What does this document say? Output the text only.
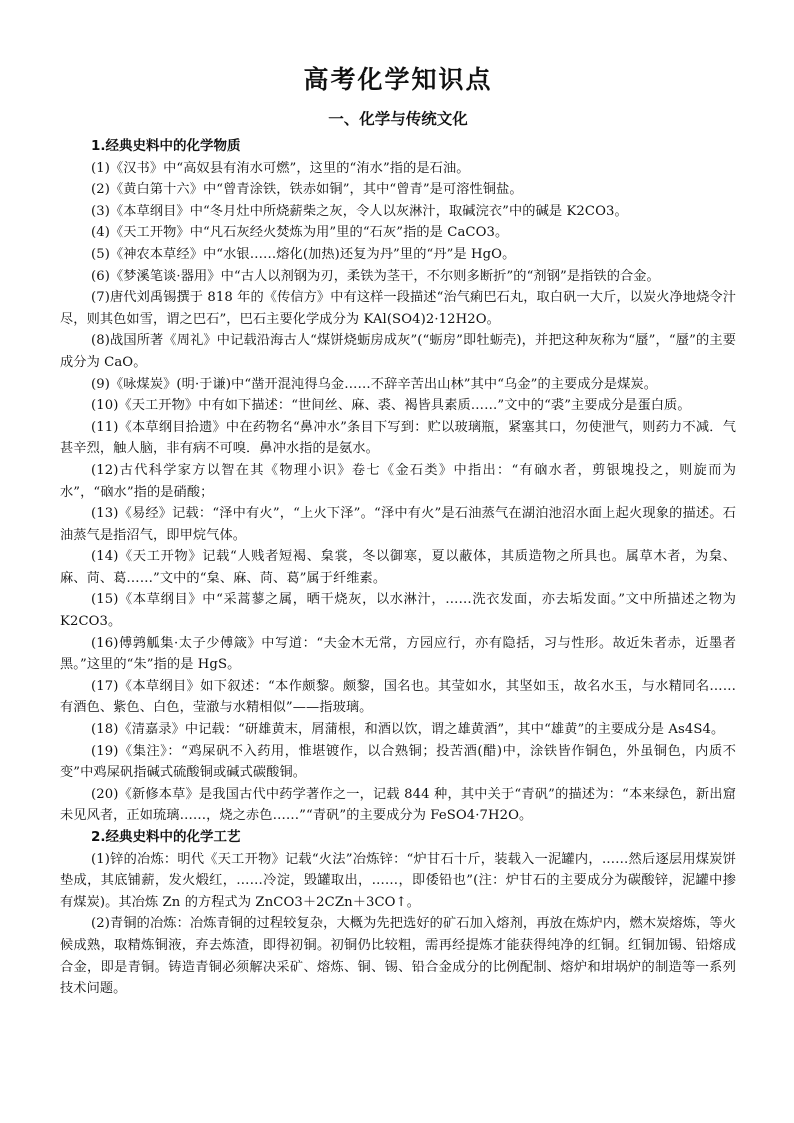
高考化学知识点
一、化学与传统文化

1.经典史料中的化学物质

(1)《汉书》中“高奴县有洧水可燃”，这里的“洧水”指的是石油。

(2)《黄白第十六》中“曾青涂铁，铁赤如铜”，其中“曾青”是可溶性铜盐。

(3)《本草纲目》中“冬月灶中所烧薪柴之灰，令人以灰淋汁，取碱浣衣”中的碱是 K2CO3。

(4)《天工开物》中“凡石灰经火焚炼为用”里的“石灰”指的是 CaCO3。

(5)《神农本草经》中“水银……熔化(加热)还复为丹”里的“丹”是 HgO。

(6)《梦溪笔谈·器用》中“古人以剂钢为刃，柔铁为茎干，不尔则多断折”的“剂钢”是指铁的合金。

(7)唐代刘禹锡撰于 818 年的《传信方》中有这样一段描述“治气痢巴石丸，取白矾一大斤，以炭火净地烧令汁尽，则其色如雪，谓之巴石”，巴石主要化学成分为 KAl(SO4)2·12H2O。

(8)战国所著《周礼》中记载沿海古人“煤饼烧蛎房成灰”(“蛎房”即牡蛎壳)，并把这种灰称为“蜃”，“蜃”的主要成分为 CaO。

(9)《咏煤炭》(明·于谦)中“凿开混沌得乌金……不辞辛苦出山林”其中“乌金”的主要成分是煤炭。

(10)《天工开物》中有如下描述：“世间丝、麻、裘、褐皆具素质……”文中的“裘”主要成分是蛋白质。

(11)《本草纲目拾遗》中在药物名“鼻冲水”条目下写到：贮以玻璃瓶，紧塞其口，勿使泄气，则药力不减．气甚辛烈，触人脑，非有病不可嗅．鼻冲水指的是氨水。

(12)古代科学家方以智在其《物理小识》卷七《金石类》中指出：“有硇水者，剪银塊投之，则旋而为水”，“硇水”指的是硝酸；

(13)《易经》记载：“泽中有火”，“上火下泽”。“泽中有火”是石油蒸气在湖泊池沼水面上起火现象的描述。石油蒸气是指沼气，即甲烷气体。

(14)《天工开物》记载“人贱者短褐、枲裳，冬以御寒，夏以蔽体，其质造物之所具也。属草木者，为枲、麻、苘、葛……”文中的“枲、麻、苘、葛”属于纤维素。

(15)《本草纲目》中“采蒿蓼之属，晒干烧灰，以水淋汁，……洗衣发面，亦去垢发面。”文中所描述之物为 K2CO3。

(16)傅鹑觚集·太子少傅箴》中写道：“夫金木无常，方园应行，亦有隐括，习与性形。故近朱者赤，近墨者黑。”这里的“朱”指的是 HgS。

(17)《本草纲目》如下叙述：“本作颇黎。颇黎，国名也。其莹如水，其坚如玉，故名水玉，与水精同名……有酒色、紫色、白色，莹澈与水精相似”——指玻璃。

(18)《清嘉录》中记载：“研雄黄末，屑蒲根，和酒以饮，谓之雄黄酒”，其中“雄黄”的主要成分是 As4S4。

(19)《集注》：“鸡屎矾不入药用，惟堪镀作，以合熟铜；投苦酒(醋)中，涂铁皆作铜色，外虽铜色，内质不变”中鸡屎矾指碱式硫酸铜或碱式碳酸铜。

(20)《新修本草》是我国古代中药学著作之一，记载 844 种，其中关于“青矾”的描述为：“本来绿色，新出窟未见风者，正如琉璃……，烧之赤色……”“青矾”的主要成分为 FeSO4·7H2O。

2.经典史料中的化学工艺

(1)锌的冶炼：明代《天工开物》记载“火法”冶炼锌：“炉甘石十斤，装载入一泥罐内，……然后逐层用煤炭饼垫成，其底铺薪，发火煅红，……冷淀，毁罐取出，……，即倭铅也”(注：炉甘石的主要成分为碳酸锌，泥罐中掺有煤炭)。其冶炼 Zn 的方程式为 ZnCO3＋2CZn＋3CO↑。

(2)青铜的冶炼：冶炼青铜的过程较复杂，大概为先把选好的矿石加入熔剂，再放在炼炉内，燃木炭熔炼，等火候成熟，取精炼铜液，弃去炼渣，即得初铜。初铜仍比较粗，需再经提炼才能获得纯净的红铜。红铜加锡、铅熔成合金，即是青铜。铸造青铜必须解决采矿、熔炼、铜、锡、铅合金成分的比例配制、熔炉和坩埚炉的制造等一系列技术问题。
